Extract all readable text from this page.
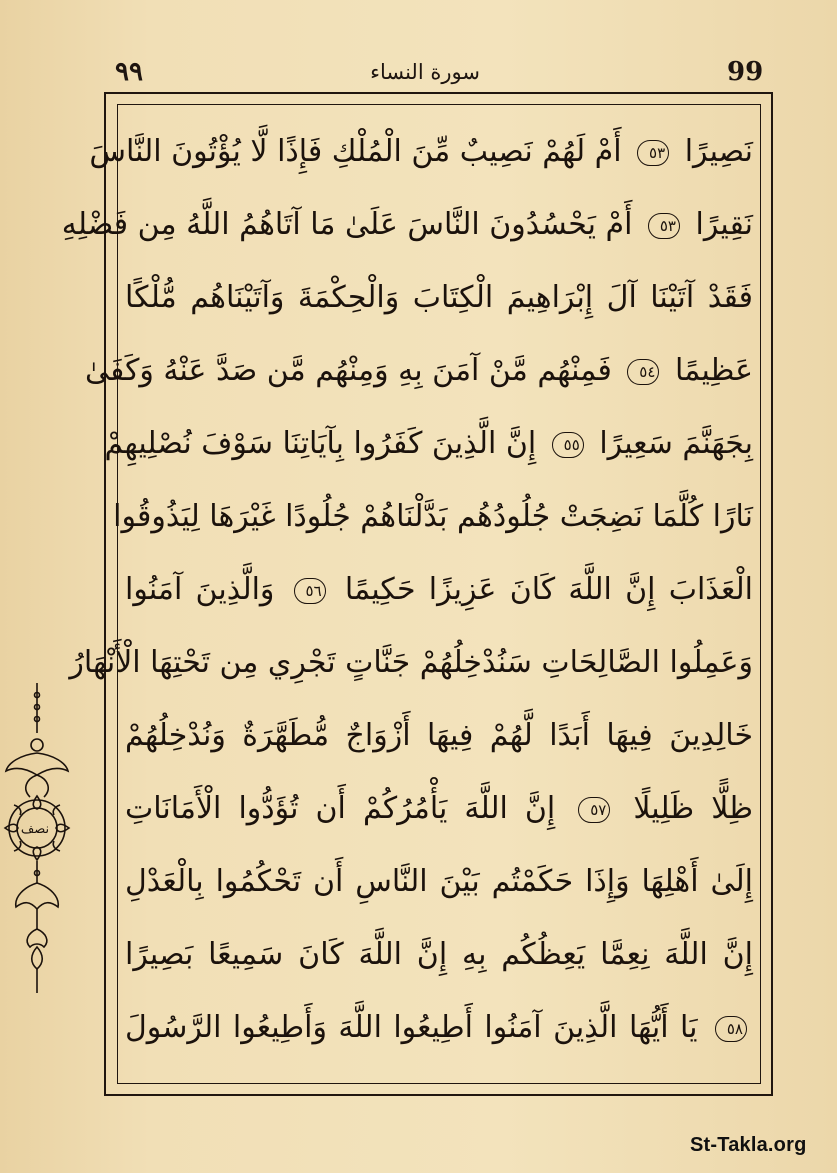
٩٩	سورة النساء	99
نَصِيرًا ٥٣ أَمْ لَهُمْ نَصِيبٌ مِّنَ الْمُلْكِ فَإِذًا لَّا يُؤْتُونَ النَّاسَ
نَقِيرًا ٥٣ أَمْ يَحْسُدُونَ النَّاسَ عَلَىٰ مَا آتَاهُمُ اللَّهُ مِن فَضْلِهِ
فَقَدْ آتَيْنَا آلَ إِبْرَاهِيمَ الْكِتَابَ وَالْحِكْمَةَ وَآتَيْنَاهُم مُّلْكًا
عَظِيمًا ٥٤ فَمِنْهُم مَّنْ آمَنَ بِهِ وَمِنْهُم مَّن صَدَّ عَنْهُ وَكَفَىٰ
بِجَهَنَّمَ سَعِيرًا ٥٥ إِنَّ الَّذِينَ كَفَرُوا بِآيَاتِنَا سَوْفَ نُصْلِيهِمْ
نَارًا كُلَّمَا نَضِجَتْ جُلُودُهُم بَدَّلْنَاهُمْ جُلُودًا غَيْرَهَا لِيَذُوقُوا
الْعَذَابَ إِنَّ اللَّهَ كَانَ عَزِيزًا حَكِيمًا ٥٦ وَالَّذِينَ آمَنُوا
وَعَمِلُوا الصَّالِحَاتِ سَنُدْخِلُهُمْ جَنَّاتٍ تَجْرِي مِن تَحْتِهَا الْأَنْهَارُ
خَالِدِينَ فِيهَا أَبَدًا لَّهُمْ فِيهَا أَزْوَاجٌ مُّطَهَّرَةٌ وَنُدْخِلُهُمْ
ظِلًّا ظَلِيلًا ٥٧ إِنَّ اللَّهَ يَأْمُرُكُمْ أَن تُؤَدُّوا الْأَمَانَاتِ
إِلَىٰ أَهْلِهَا وَإِذَا حَكَمْتُم بَيْنَ النَّاسِ أَن تَحْكُمُوا بِالْعَدْلِ
إِنَّ اللَّهَ نِعِمَّا يَعِظُكُم بِهِ إِنَّ اللَّهَ كَانَ سَمِيعًا بَصِيرًا
٥٨ يَا أَيُّهَا الَّذِينَ آمَنُوا أَطِيعُوا اللَّهَ وَأَطِيعُوا الرَّسُولَ
نصف
St-Takla.org
